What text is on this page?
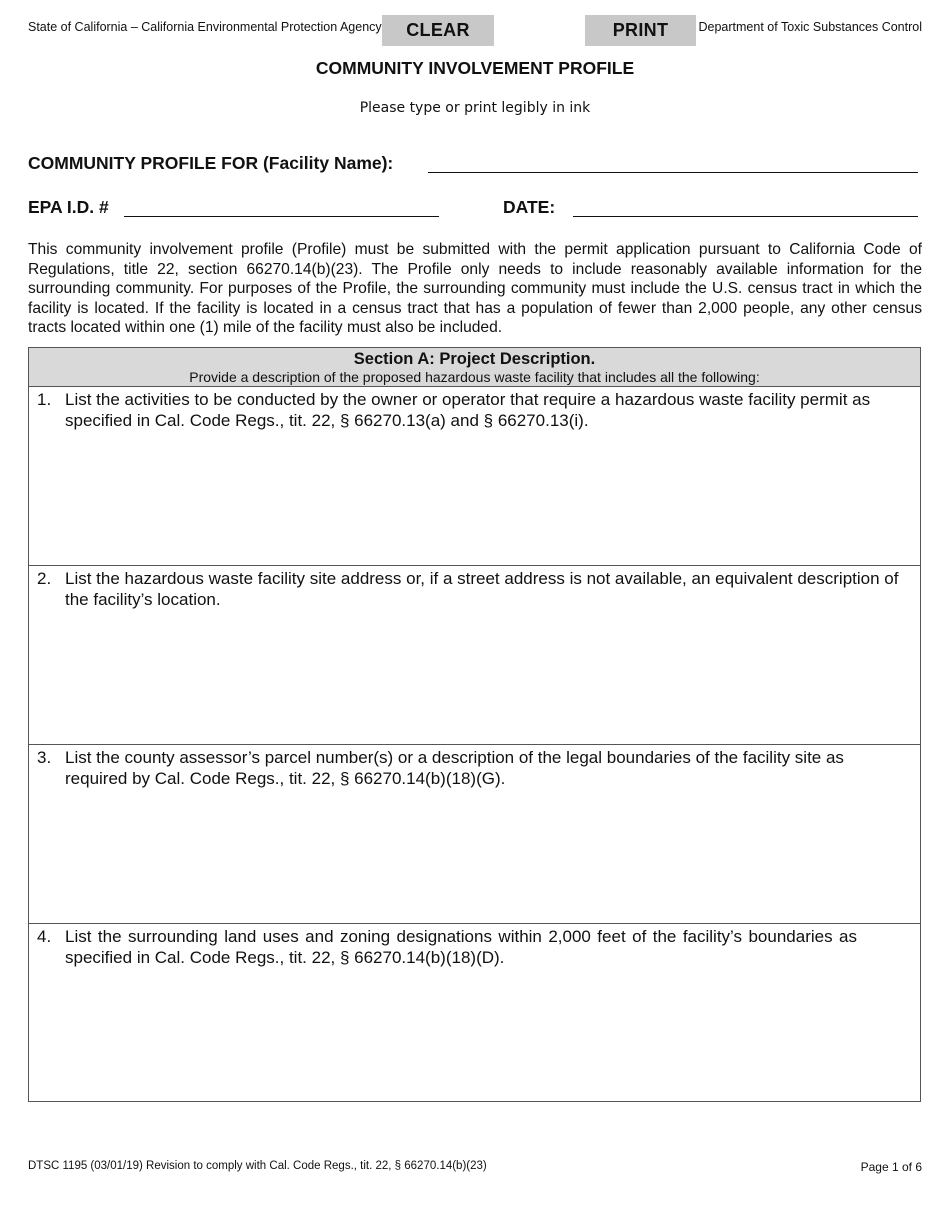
State of California – California Environmental Protection Agency	CLEAR	PRINT	Department of Toxic Substances Control
COMMUNITY INVOLVEMENT PROFILE
Please type or print legibly in ink
COMMUNITY PROFILE FOR (Facility Name):
EPA I.D. #	DATE:
This community involvement profile (Profile) must be submitted with the permit application pursuant to California Code of Regulations, title 22, section 66270.14(b)(23). The Profile only needs to include reasonably available information for the surrounding community. For purposes of the Profile, the surrounding community must include the U.S. census tract in which the facility is located. If the facility is located in a census tract that has a population of fewer than 2,000 people, any other census tracts located within one (1) mile of the facility must also be included.
Section A: Project Description.
Provide a description of the proposed hazardous waste facility that includes all the following:
1. List the activities to be conducted by the owner or operator that require a hazardous waste facility permit as specified in Cal. Code Regs., tit. 22, § 66270.13(a) and § 66270.13(i).
2. List the hazardous waste facility site address or, if a street address is not available, an equivalent description of the facility’s location.
3. List the county assessor’s parcel number(s) or a description of the legal boundaries of the facility site as required by Cal. Code Regs., tit. 22, § 66270.14(b)(18)(G).
4. List the surrounding land uses and zoning designations within 2,000 feet of the facility’s boundaries as specified in Cal. Code Regs., tit. 22, § 66270.14(b)(18)(D).
DTSC 1195 (03/01/19) Revision to comply with Cal. Code Regs., tit. 22, § 66270.14(b)(23)	Page 1 of 6
